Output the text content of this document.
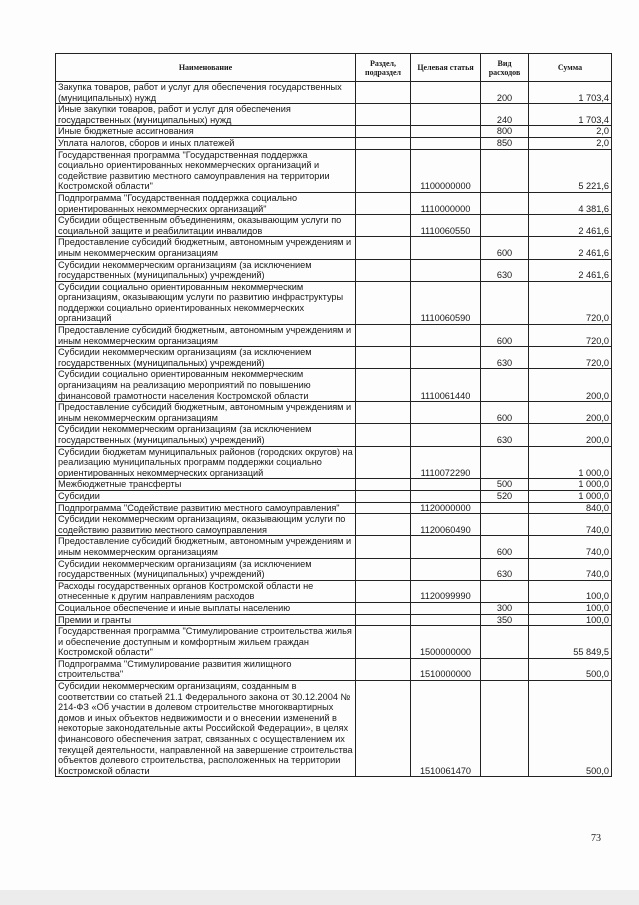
Наименование	Раздел, подраздел	Целевая статья	Вид расходов	Сумма
Закупка товаров, работ и услуг для обеспечения государственных (муниципальных) нужд			200	1 703,4
Иные закупки товаров, работ и услуг для обеспечения государственных (муниципальных) нужд			240	1 703,4
Иные бюджетные ассигнования			800	2,0
Уплата налогов, сборов и иных платежей			850	2,0
Государственная программа "Государственная поддержка социально ориентированных некоммерческих организаций и содействие развитию местного самоуправления на территории Костромской области"		1100000000		5 221,6
Подпрограмма "Государственная поддержка социально ориентированных некоммерческих организаций"		1110000000		4 381,6
Субсидии общественным объединениям, оказывающим услуги по социальной защите и реабилитации инвалидов		1110060550		2 461,6
Предоставление субсидий бюджетным, автономным учреждениям и иным некоммерческим организациям			600	2 461,6
Субсидии некоммерческим организациям (за исключением государственных (муниципальных) учреждений)			630	2 461,6
Субсидии социально ориентированным некоммерческим организациям, оказывающим услуги по развитию инфраструктуры поддержки социально ориентированных некоммерческих организаций		1110060590		720,0
Предоставление субсидий бюджетным, автономным учреждениям и иным некоммерческим организациям			600	720,0
Субсидии некоммерческим организациям (за исключением государственных (муниципальных) учреждений)			630	720,0
Субсидии социально ориентированным некоммерческим организациям на реализацию мероприятий по повышению финансовой грамотности населения Костромской области		1110061440		200,0
Предоставление субсидий бюджетным, автономным учреждениям и иным некоммерческим организациям			600	200,0
Субсидии некоммерческим организациям (за исключением государственных (муниципальных) учреждений)			630	200,0
Субсидии бюджетам муниципальных районов (городских округов) на реализацию муниципальных программ поддержки социально ориентированных некоммерческих организаций		1110072290		1 000,0
Межбюджетные трансферты			500	1 000,0
Субсидии			520	1 000,0
Подпрограмма "Содействие развитию местного самоуправления"		1120000000		840,0
Субсидии некоммерческим организациям, оказывающим услуги по содействию развитию местного самоуправления		1120060490		740,0
Предоставление субсидий бюджетным, автономным учреждениям и иным некоммерческим организациям			600	740,0
Субсидии некоммерческим организациям (за исключением государственных (муниципальных) учреждений)			630	740,0
Расходы государственных органов Костромской области не отнесенные к другим направлениям расходов		1120099990		100,0
Социальное обеспечение и иные выплаты населению			300	100,0
Премии и гранты			350	100,0
Государственная программа "Стимулирование строительства жилья и обеспечение доступным и комфортным жильем граждан Костромской области"		1500000000		55 849,5
Подпрограмма "Стимулирование развития жилищного строительства"		1510000000		500,0
Субсидии некоммерческим организациям, созданным в соответствии со статьей 21.1 Федерального закона от 30.12.2004 № 214-ФЗ «Об участии в долевом строительстве многоквартирных домов и иных объектов недвижимости и о внесении изменений в некоторые законодательные акты Российской Федерации», в целях финансового обеспечения затрат, связанных с осуществлением их текущей деятельности, направленной на завершение строительства объектов долевого строительства, расположенных на территории Костромской области		1510061470		500,0
73
